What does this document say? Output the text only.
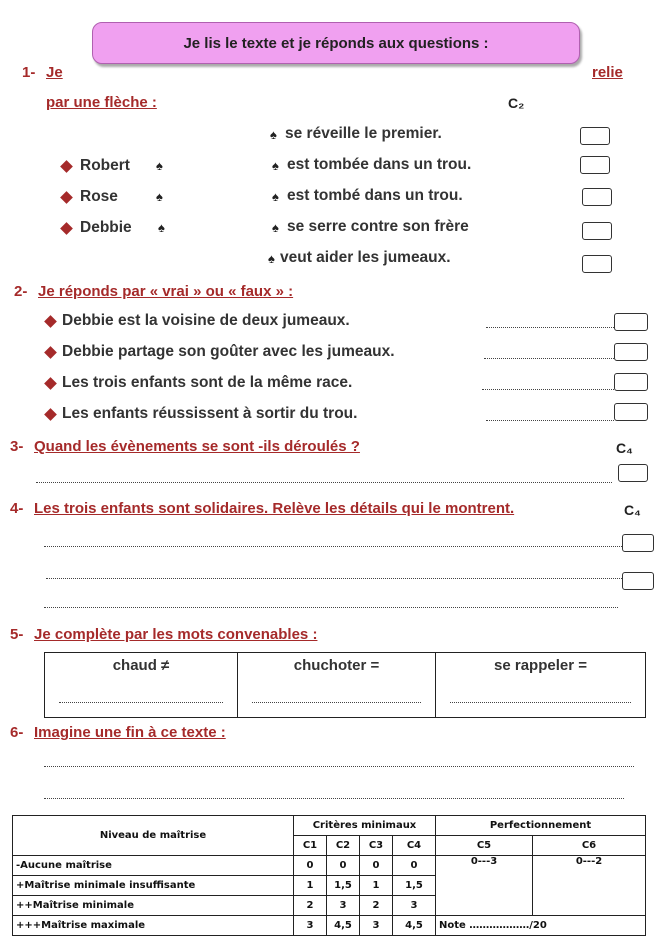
Je lis le texte et je réponds aux questions :
1- Je	relie
par une flèche :	C₂
Robert ♠
Rose	♠
Debbie ♠
♠ se réveille le premier.
♠ est tombée dans un trou.
♠ est tombé dans un trou.
♠ se serre contre son frère
♠ veut aider les jumeaux.
2- Je réponds par « vrai » ou « faux » :
Debbie est la voisine de deux jumeaux.
Debbie partage son goûter avec les jumeaux.
Les trois enfants sont de la même race.
Les enfants réussissent à sortir du trou.
3- Quand les évènements se sont -ils déroulés ?	C₄
4- Les trois enfants sont solidaires. Relève les détails qui le montrent.	C₄
5- Je complète par les mots convenables :
chaud ≠	chuchoter =	se rappeler =
6- Imagine une fin à ce texte :
Niveau de maîtrise	Critères minimaux				Perfectionnement	
	C1	C2	C3	C4	C5	C6
-Aucune maîtrise	0	0	0	0	0---3	0---2
+Maîtrise minimale insuffisante	1	1,5	1	1,5		
++Maîtrise minimale	2	3	2	3		
+++Maîtrise maximale	3	4,5	3	4,5	Note ………………/20	
